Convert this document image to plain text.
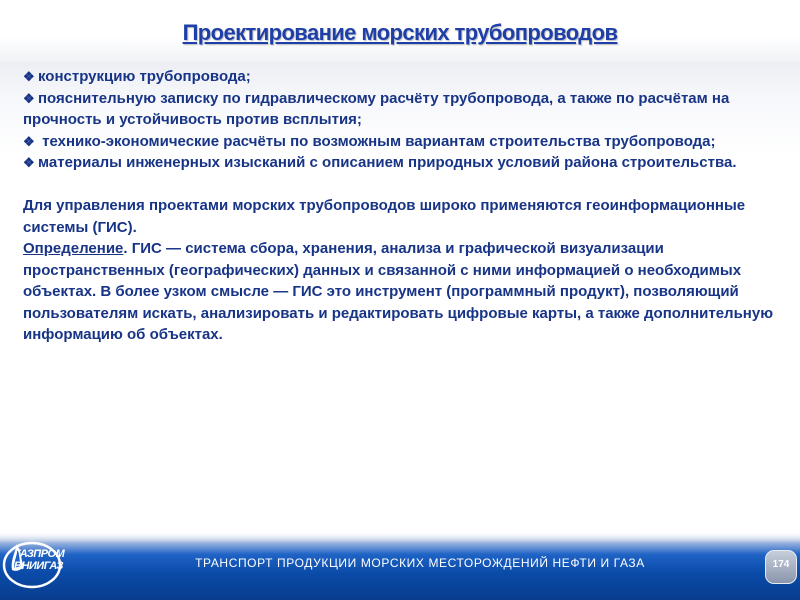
Проектирование морских трубопроводов

❖ конструкцию трубопровода;

❖ пояснительную записку по гидравлическому расчёту трубопровода, а также по расчётам на прочность и устойчивость против всплытия;

❖ технико-экономические расчёты по возможным вариантам строительства трубопровода;

❖ материалы инженерных изысканий с описанием природных условий района строительства.

Для управления проектами морских трубопроводов широко применяются геоинформационные системы (ГИС).

Определение. ГИС — система сбора, хранения, анализа и графической визуализации пространственных (географических) данных и связанной с ними информацией о необходимых объектах. В более узком смысле — ГИС это инструмент (программный продукт), позволяющий пользователям искать, анализировать и редактировать цифровые карты, а также дополнительную информацию об объектах.

ГАЗПРОМ
ВНИИГАЗ	ТРАНСПОРТ ПРОДУКЦИИ МОРСКИХ МЕСТОРОЖДЕНИЙ НЕФТИ И ГАЗА	174
